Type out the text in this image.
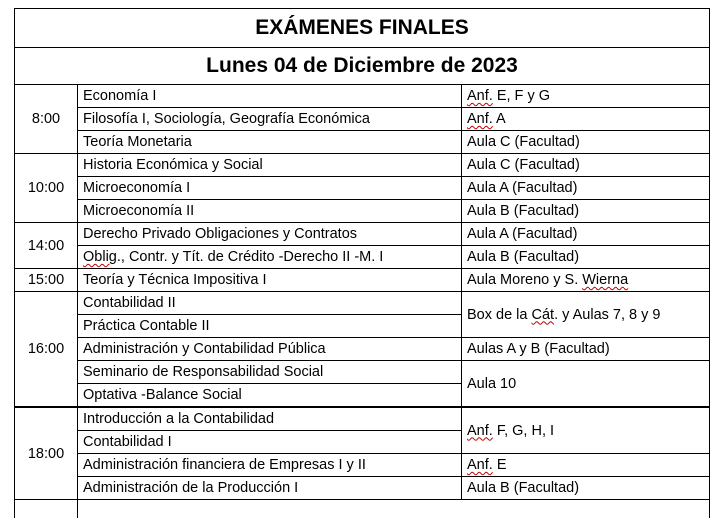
EXÁMENES FINALES		
Lunes 04 de Diciembre de 2023		
8:00	Economía I	Anf. E, F y G
	Filosofía I, Sociología, Geografía Económica	Anf. A
	Teoría Monetaria	Aula C (Facultad)
10:00	Historia Económica y Social	Aula C (Facultad)
	Microeconomía I	Aula A (Facultad)
	Microeconomía II	Aula B (Facultad)
14:00	Derecho Privado Obligaciones y Contratos	Aula A (Facultad)
	Oblig., Contr. y Tít. de Crédito -Derecho II -M. I	Aula B (Facultad)
15:00	Teoría y Técnica Impositiva I	Aula Moreno y S. Wierna
16:00	Contabilidad II	Box de la Cát. y Aulas 7, 8 y 9
	Práctica Contable II	
	Administración y Contabilidad Pública	Aulas A y B (Facultad)
	Seminario de Responsabilidad Social	Aula 10
	Optativa -Balance Social	
18:00	Introducción a la Contabilidad	Anf. F, G, H, I
	Contabilidad I	
	Administración financiera de Empresas I y II	Anf. E
	Administración de la Producción I	Aula B (Facultad)
